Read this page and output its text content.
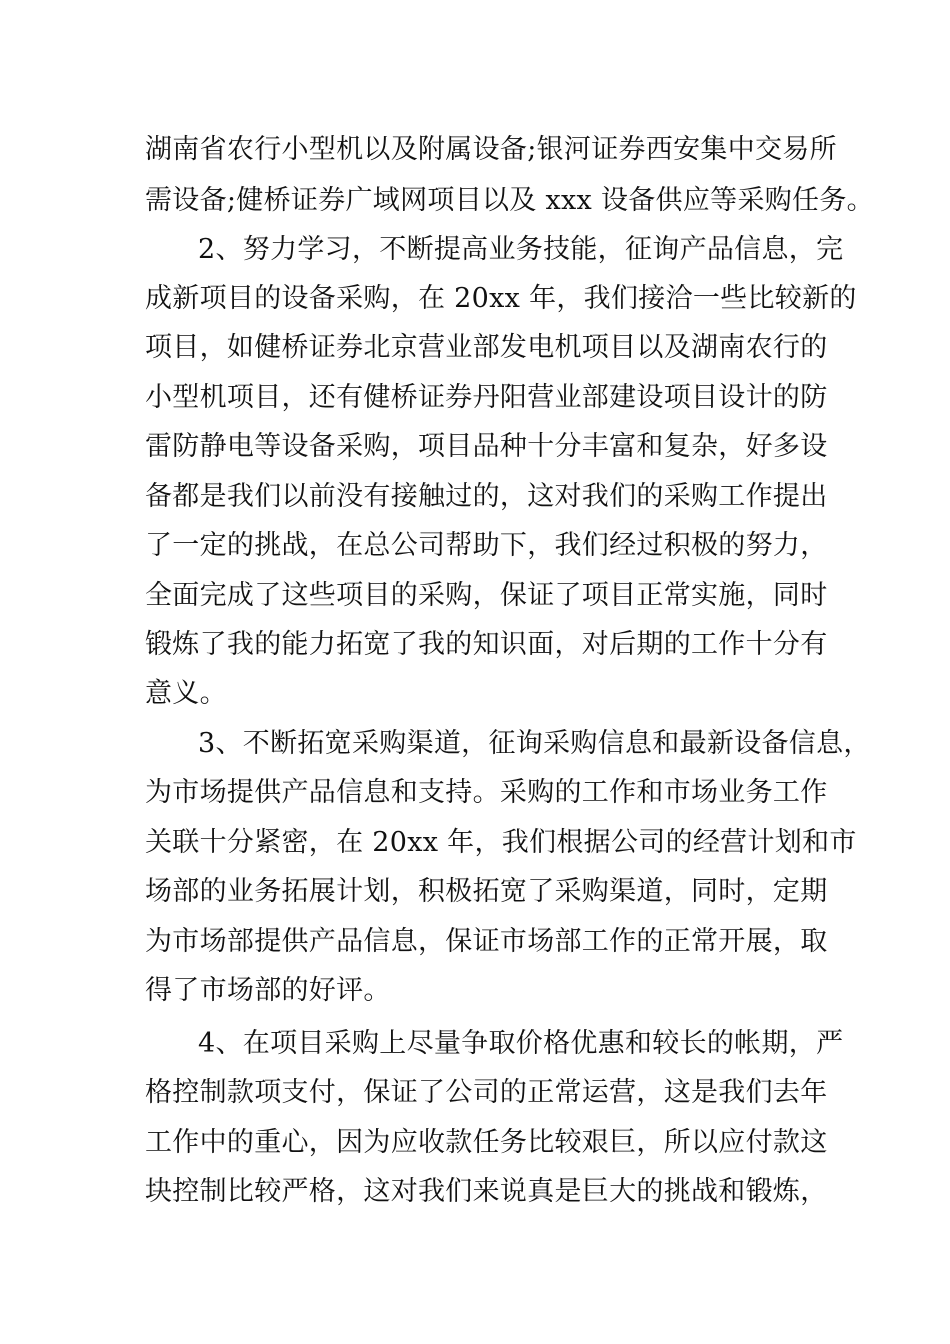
湖南省农行小型机以及附属设备;银河证券西安集中交易所
需设备;健桥证券广域网项目以及 xxx 设备供应等采购任务。
2、努力学习，不断提高业务技能，征询产品信息，完
成新项目的设备采购，在 20xx 年，我们接洽一些比较新的
项目，如健桥证券北京营业部发电机项目以及湖南农行的
小型机项目，还有健桥证券丹阳营业部建设项目设计的防
雷防静电等设备采购，项目品种十分丰富和复杂，好多设
备都是我们以前没有接触过的，这对我们的采购工作提出
了一定的挑战，在总公司帮助下，我们经过积极的努力，
全面完成了这些项目的采购，保证了项目正常实施，同时
锻炼了我的能力拓宽了我的知识面，对后期的工作十分有
意义。
3、不断拓宽采购渠道，征询采购信息和最新设备信息，
为市场提供产品信息和支持。采购的工作和市场业务工作
关联十分紧密，在 20xx 年，我们根据公司的经营计划和市
场部的业务拓展计划，积极拓宽了采购渠道，同时，定期
为市场部提供产品信息，保证市场部工作的正常开展，取
得了市场部的好评。
4、在项目采购上尽量争取价格优惠和较长的帐期，严
格控制款项支付，保证了公司的正常运营，这是我们去年
工作中的重心，因为应收款任务比较艰巨，所以应付款这
块控制比较严格，这对我们来说真是巨大的挑战和锻炼，
